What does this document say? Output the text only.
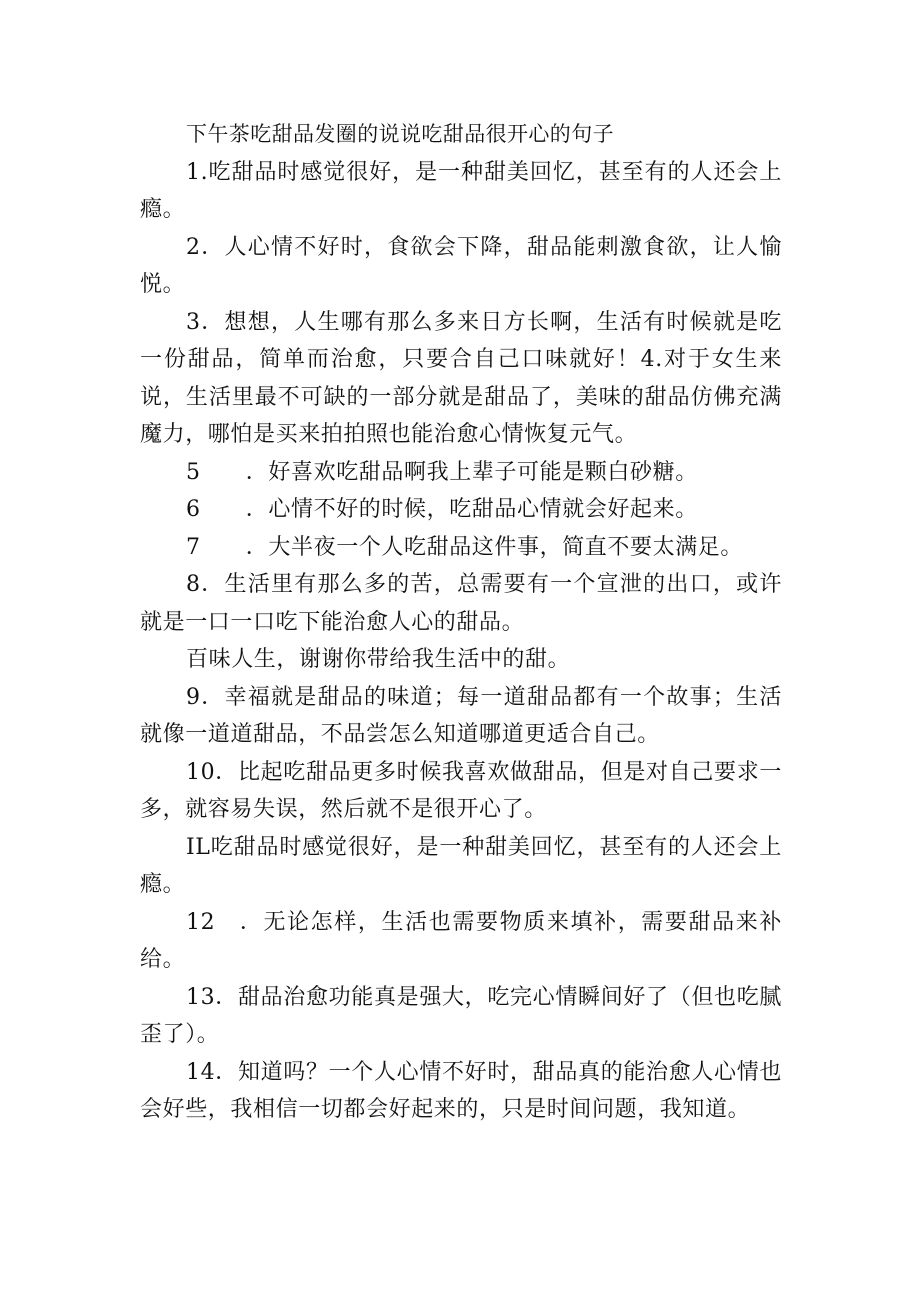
下午茶吃甜品发圈的说说吃甜品很开心的句子

1.吃甜品时感觉很好，是一种甜美回忆，甚至有的人还会上瘾。

2．人心情不好时，食欲会下降，甜品能刺激食欲，让人愉悦。

3．想想，人生哪有那么多来日方长啊，生活有时候就是吃一份甜品，简单而治愈，只要合自己口味就好！4.对于女生来说，生活里最不可缺的一部分就是甜品了，美味的甜品仿佛充满魔力，哪怕是买来拍拍照也能治愈心情恢复元气。

5　　．好喜欢吃甜品啊我上辈子可能是颗白砂糖。

6　　．心情不好的时候，吃甜品心情就会好起来。

7　　．大半夜一个人吃甜品这件事，简直不要太满足。

8．生活里有那么多的苦，总需要有一个宣泄的出口，或许就是一口一口吃下能治愈人心的甜品。

百味人生，谢谢你带给我生活中的甜。

9．幸福就是甜品的味道；每一道甜品都有一个故事；生活就像一道道甜品，不品尝怎么知道哪道更适合自己。

10．比起吃甜品更多时候我喜欢做甜品，但是对自己要求一多，就容易失误，然后就不是很开心了。

IL吃甜品时感觉很好，是一种甜美回忆，甚至有的人还会上瘾。

12　．无论怎样，生活也需要物质来填补，需要甜品来补给。

13．甜品治愈功能真是强大，吃完心情瞬间好了（但也吃腻歪了）。

14．知道吗？一个人心情不好时，甜品真的能治愈人心情也会好些，我相信一切都会好起来的，只是时间问题，我知道。
